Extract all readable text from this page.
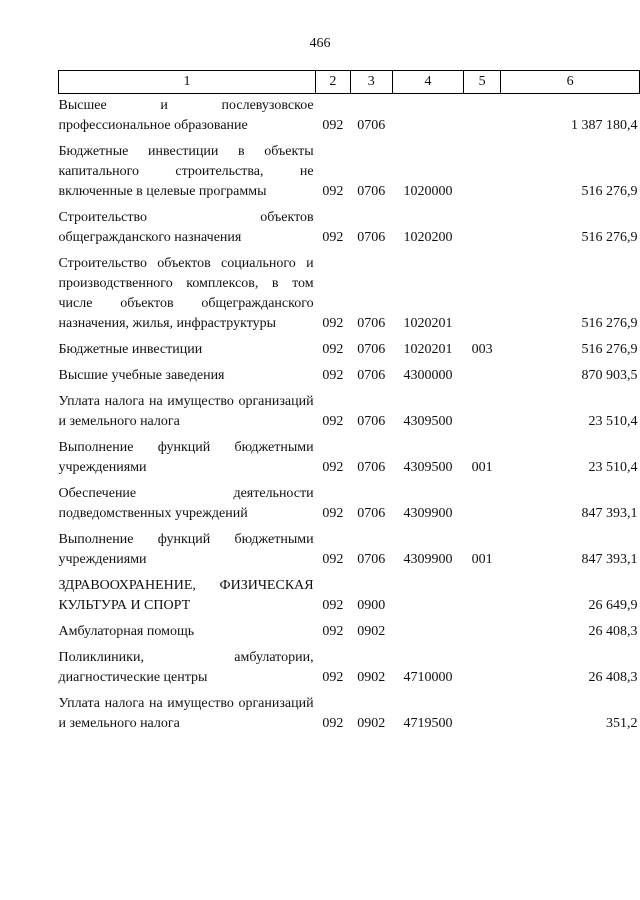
466
1	2	3	4	5	6
Высшее и послевузовское профессиональное образование	092	0706			1 387 180,4
Бюджетные инвестиции в объекты капитального строительства, не включенные в целевые программы	092	0706	1020000		516 276,9
Строительство объектов общегражданского назначения	092	0706	1020200		516 276,9
Строительство объектов социального и производственного комплексов, в том числе объектов общегражданского назначения, жилья, инфраструктуры	092	0706	1020201		516 276,9
Бюджетные инвестиции	092	0706	1020201	003	516 276,9
Высшие учебные заведения	092	0706	4300000		870 903,5
Уплата налога на имущество организаций и земельного налога	092	0706	4309500		23 510,4
Выполнение функций бюджетными учреждениями	092	0706	4309500	001	23 510,4
Обеспечение деятельности подведомственных учреждений	092	0706	4309900		847 393,1
Выполнение функций бюджетными учреждениями	092	0706	4309900	001	847 393,1
ЗДРАВООХРАНЕНИЕ, ФИЗИЧЕСКАЯ КУЛЬТУРА И СПОРТ	092	0900			26 649,9
Амбулаторная помощь	092	0902			26 408,3
Поликлиники, амбулатории, диагностические центры	092	0902	4710000		26 408,3
Уплата налога на имущество организаций и земельного налога	092	0902	4719500		351,2
